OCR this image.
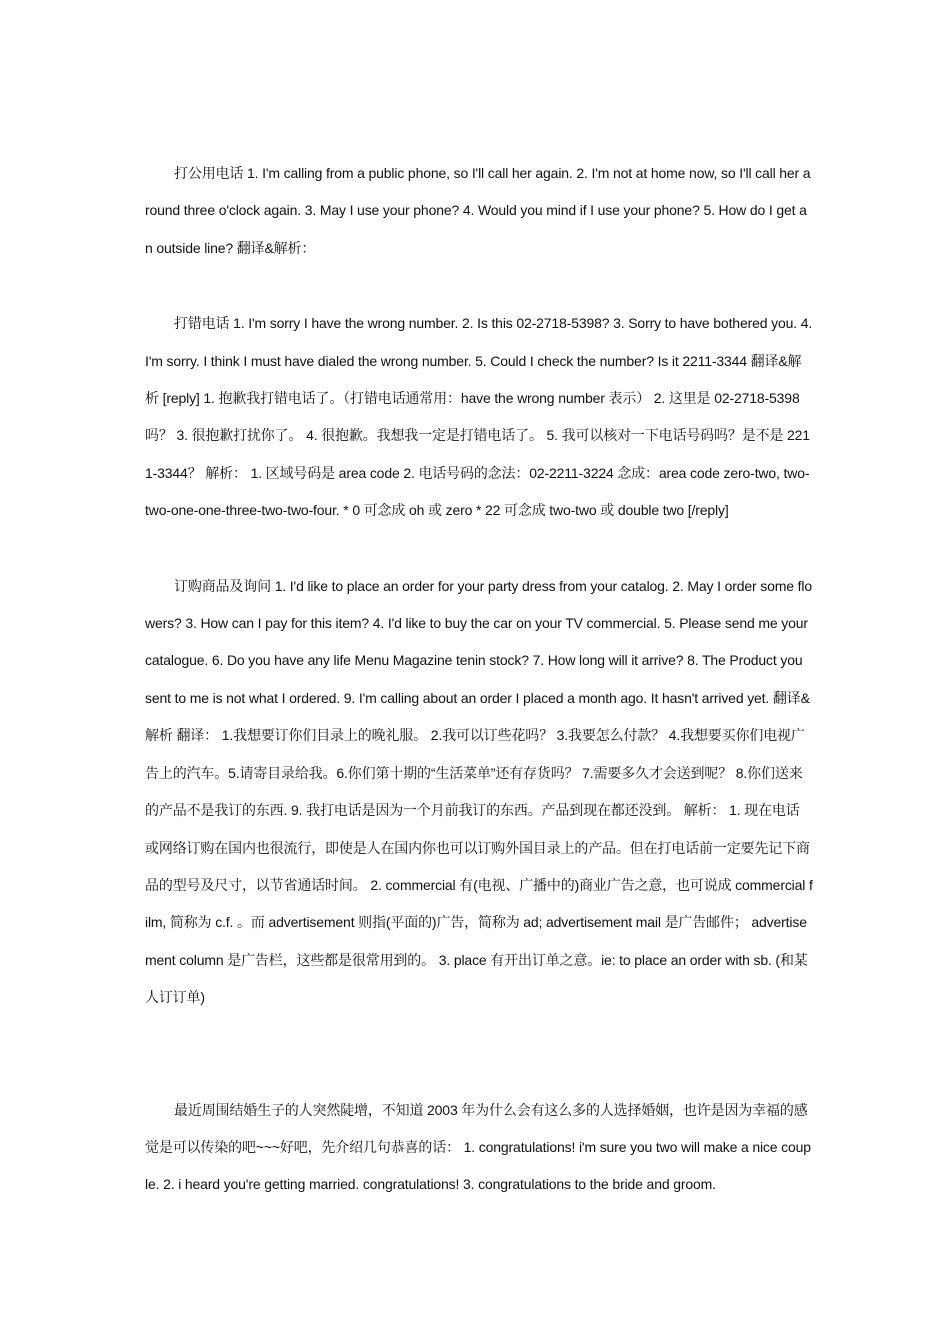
打公用电话 1. I'm calling from a public phone, so I'll call her again. 2. I'm not at home now, so I'll call her around three o'clock again. 3. May I use your phone? 4. Would you mind if I use your phone? 5. How do I get an outside line? 翻译&解析：

打错电话 1. I'm sorry I have the wrong number. 2. Is this 02-2718-5398? 3. Sorry to have bothered you. 4. I'm sorry. I think I must have dialed the wrong number. 5. Could I check the number? Is it 2211-3344 翻译&解析 [reply] 1. 抱歉我打错电话了。（打错电话通常用：have the wrong number 表示） 2. 这里是 02-2718-5398 吗？ 3. 很抱歉打扰你了。 4. 很抱歉。我想我一定是打错电话了。 5. 我可以核对一下电话号码吗？是不是 2211-3344？ 解析： 1. 区域号码是 area code 2. 电话号码的念法：02-2211-3224 念成：area code zero-two, two-two-one-one-three-two-two-four. * 0 可念成 oh 或 zero * 22 可念成 two-two 或 double two [/reply]

订购商品及询问 1. I'd like to place an order for your party dress from your catalog. 2. May I order some flowers? 3. How can I pay for this item? 4. I'd like to buy the car on your TV commercial. 5. Please send me your catalogue. 6. Do you have any life Menu Magazine tenin stock? 7. How long will it arrive? 8. The Product you sent to me is not what I ordered. 9. I'm calling about an order I placed a month ago. It hasn't arrived yet. 翻译&解析 翻译： 1.我想要订你们目录上的晚礼服。 2.我可以订些花吗？ 3.我要怎么付款？ 4.我想要买你们电视广告上的汽车。5.请寄目录给我。6.你们第十期的“生活菜单”还有存货吗？ 7.需要多久才会送到呢？ 8.你们送来的产品不是我订的东西. 9. 我打电话是因为一个月前我订的东西。产品到现在都还没到。 解析： 1. 现在电话或网络订购在国内也很流行，即使是人在国内你也可以订购外国目录上的产品。但在打电话前一定要先记下商品的型号及尺寸，以节省通话时间。 2. commercial 有(电视、广播中的)商业广告之意，也可说成 commercial film, 简称为 c.f. 。而 advertisement 则指(平面的)广告，简称为 ad; advertisement mail 是广告邮件； advertisement column 是广告栏，这些都是很常用到的。 3. place 有开出订单之意。ie: to place an order with sb. (和某人订订单)

最近周围结婚生子的人突然陡增，不知道 2003 年为什么会有这么多的人选择婚姻，也许是因为幸福的感觉是可以传染的吧~~~好吧，先介绍几句恭喜的话： 1. congratulations! i'm sure you two will make a nice couple. 2. i heard you're getting married. congratulations! 3. congratulations to the bride and groom.
